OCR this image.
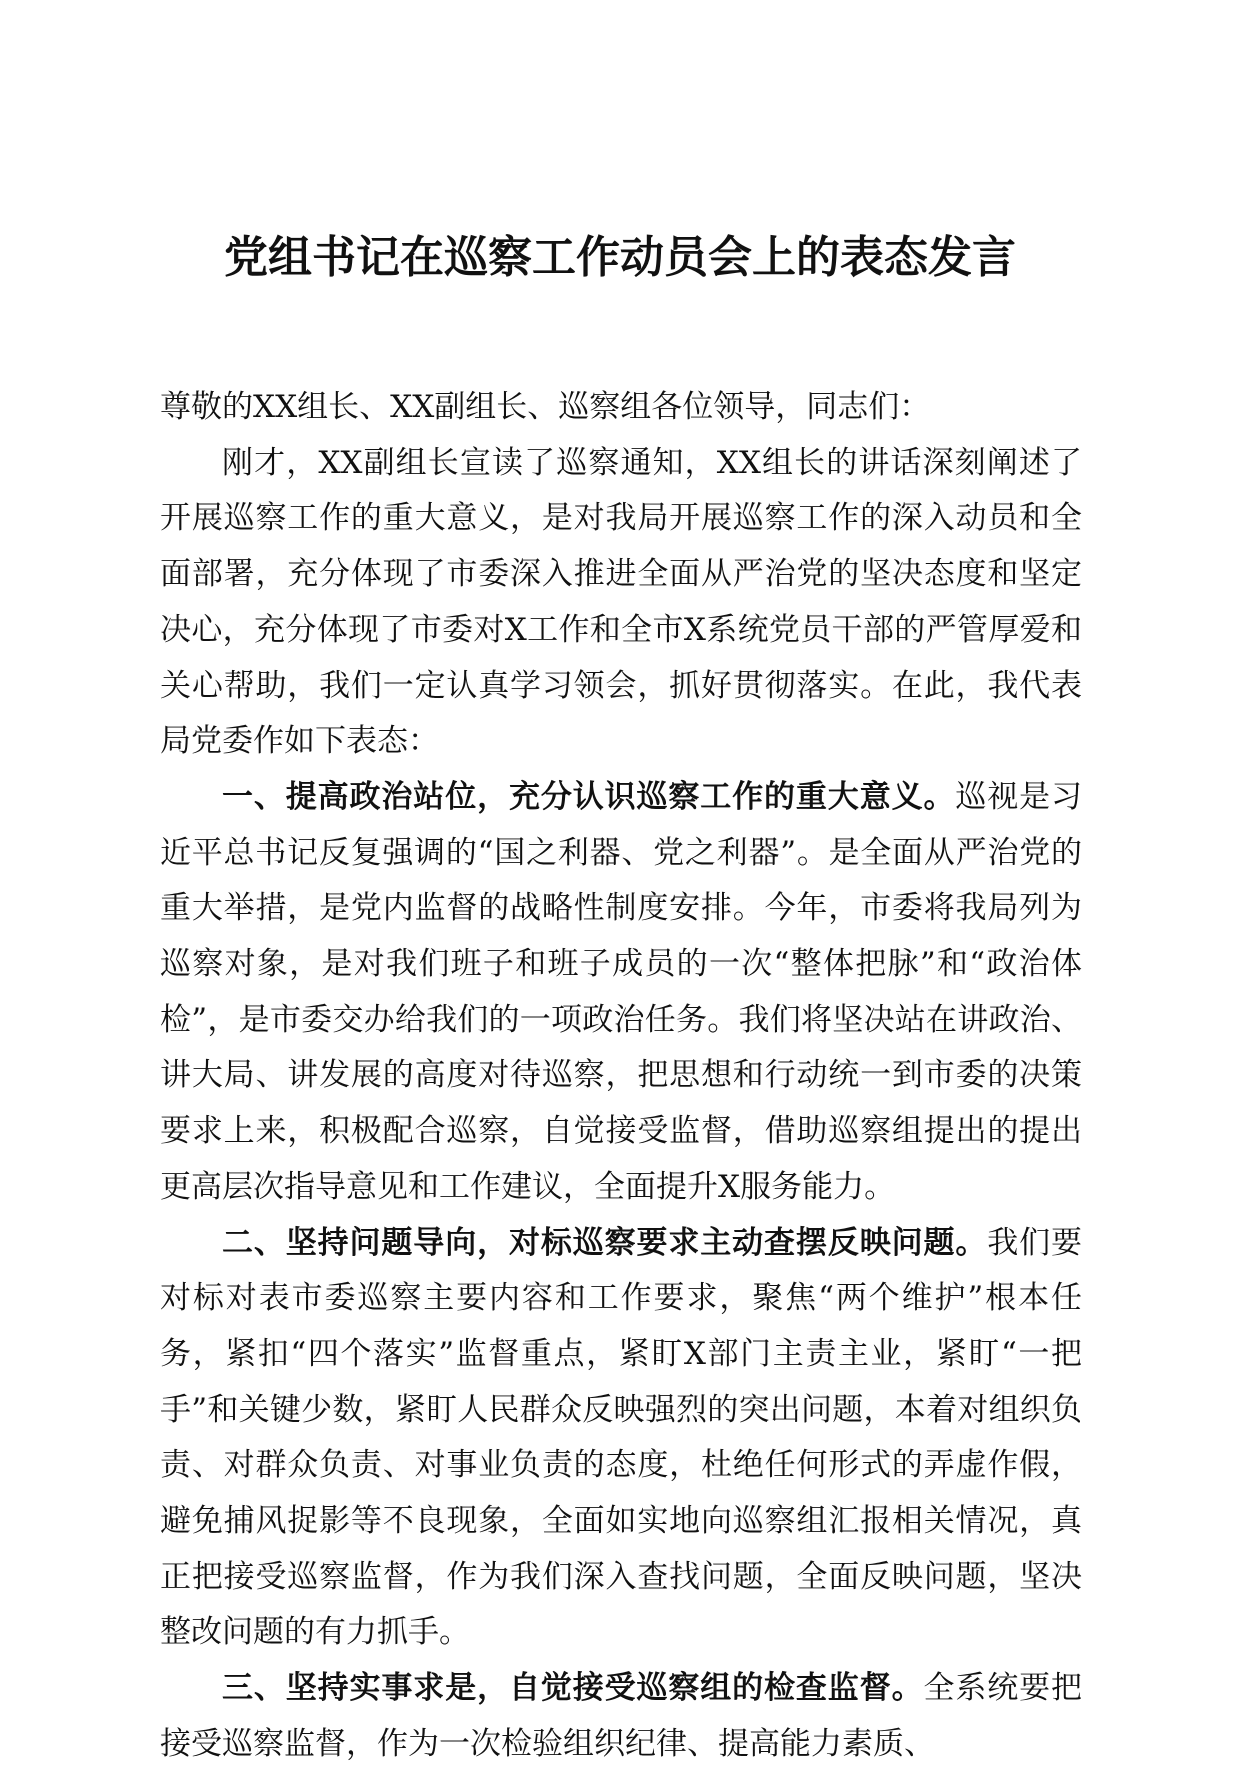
党组书记在巡察工作动员会上的表态发言

尊敬的XX组长、XX副组长、巡察组各位领导，同志们：

刚才，XX副组长宣读了巡察通知，XX组长的讲话深刻阐述了开展巡察工作的重大意义，是对我局开展巡察工作的深入动员和全面部署，充分体现了市委深入推进全面从严治党的坚决态度和坚定决心，充分体现了市委对X工作和全市X系统党员干部的严管厚爱和关心帮助，我们一定认真学习领会，抓好贯彻落实。在此，我代表局党委作如下表态：

一、提高政治站位，充分认识巡察工作的重大意义。巡视是习近平总书记反复强调的“国之利器、党之利器”。是全面从严治党的重大举措，是党内监督的战略性制度安排。今年，市委将我局列为巡察对象，是对我们班子和班子成员的一次“整体把脉”和“政治体检”，是市委交办给我们的一项政治任务。我们将坚决站在讲政治、讲大局、讲发展的高度对待巡察，把思想和行动统一到市委的决策要求上来，积极配合巡察，自觉接受监督，借助巡察组提出的提出更高层次指导意见和工作建议，全面提升X服务能力。

二、坚持问题导向，对标巡察要求主动查摆反映问题。我们要对标对表市委巡察主要内容和工作要求，聚焦“两个维护”根本任务，紧扣“四个落实”监督重点，紧盯X部门主责主业，紧盯“一把手”和关键少数，紧盯人民群众反映强烈的突出问题，本着对组织负责、对群众负责、对事业负责的态度，杜绝任何形式的弄虚作假，避免捕风捉影等不良现象，全面如实地向巡察组汇报相关情况，真正把接受巡察监督，作为我们深入查找问题，全面反映问题，坚决整改问题的有力抓手。

三、坚持实事求是，自觉接受巡察组的检查监督。全系统要把接受巡察监督，作为一次检验组织纪律、提高能力素质、
